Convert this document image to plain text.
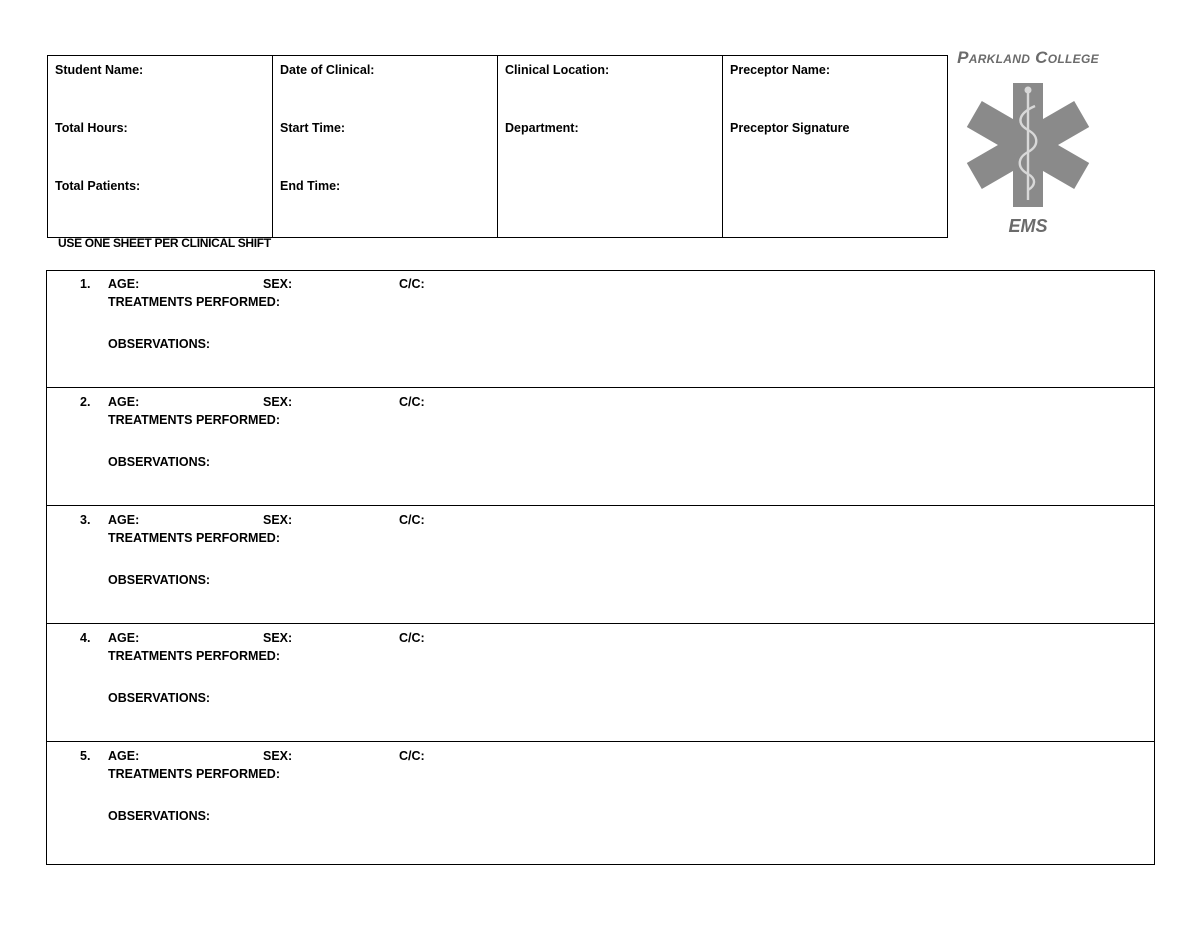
Student Name:
Total Hours:
Total Patients:

Date of Clinical:
Start Time:
End Time:

Clinical Location:
Department:

Preceptor Name:
Preceptor Signature
USE ONE SHEET PER CLINICAL SHIFT
Parkland College
EMS
1. AGE:	SEX:	C/C:
TREATMENTS PERFORMED:
OBSERVATIONS:
2. AGE:	SEX:	C/C:
TREATMENTS PERFORMED:
OBSERVATIONS:
3. AGE:	SEX:	C/C:
TREATMENTS PERFORMED:
OBSERVATIONS:
4. AGE:	SEX:	C/C:
TREATMENTS PERFORMED:
OBSERVATIONS:
5. AGE:	SEX:	C/C:
TREATMENTS PERFORMED:
OBSERVATIONS:
